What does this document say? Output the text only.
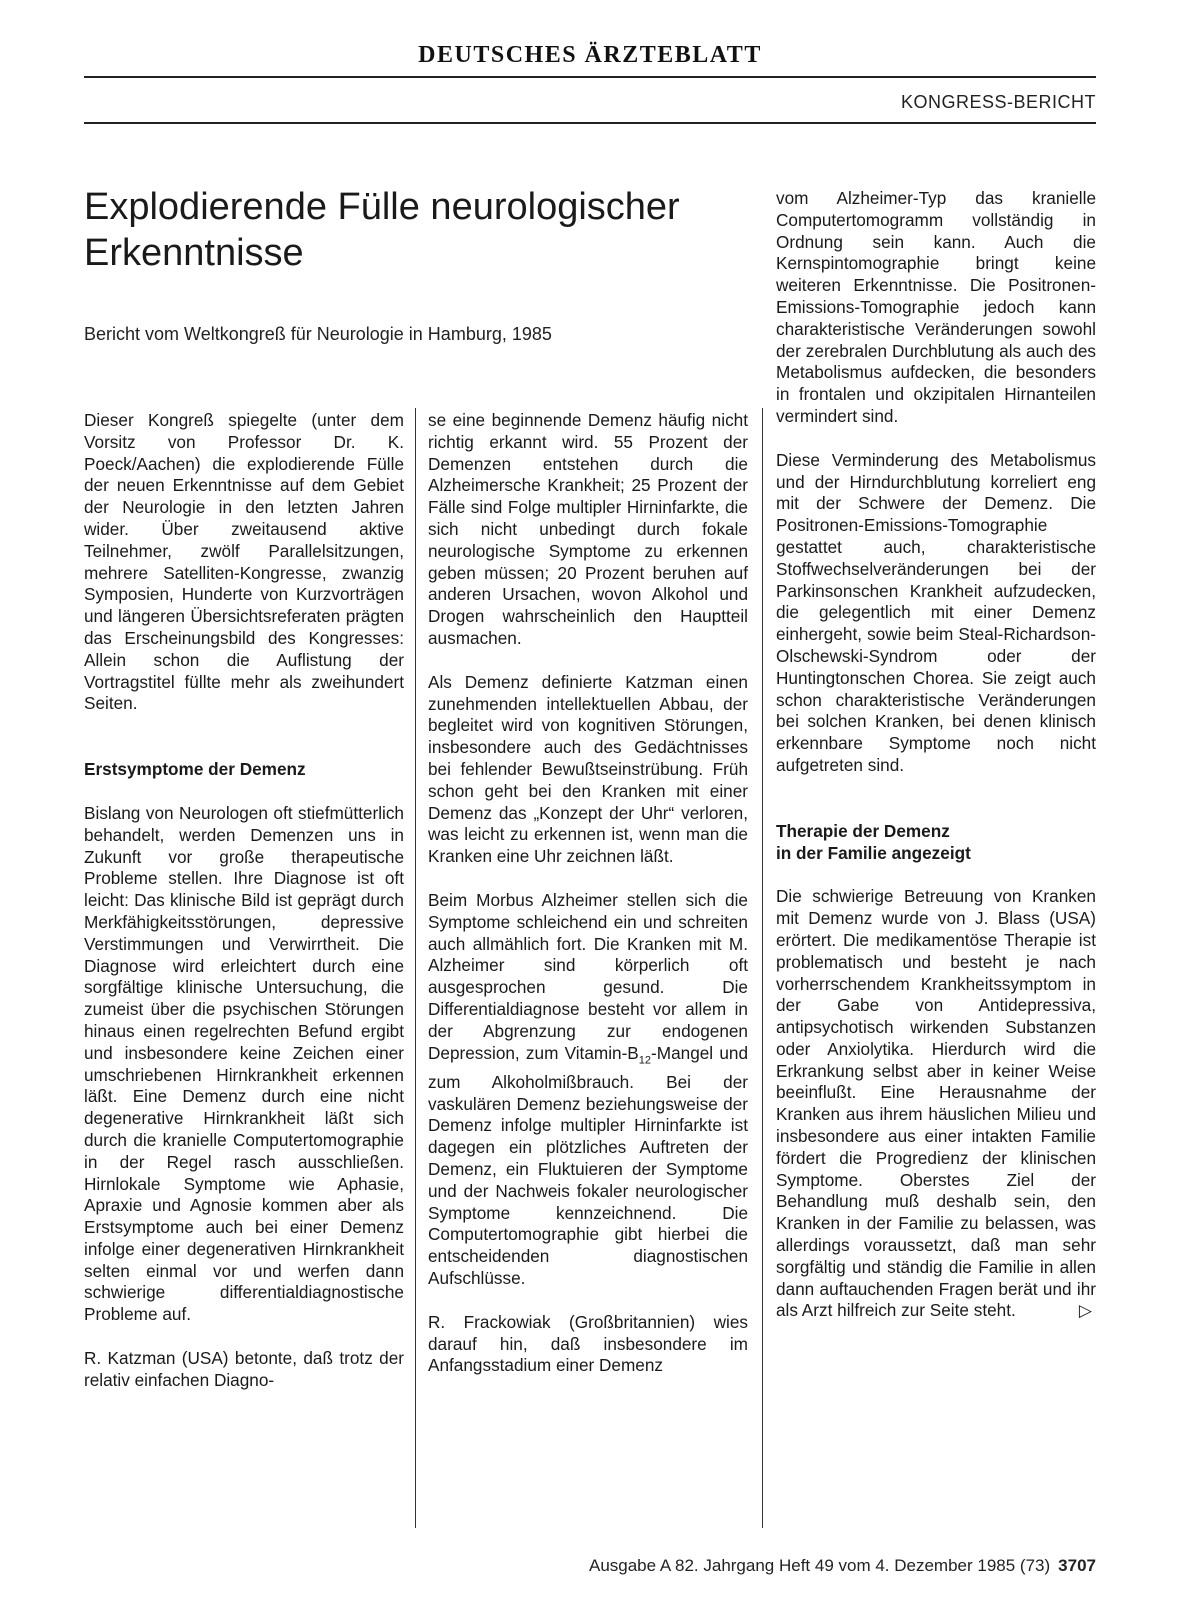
DEUTSCHES ÄRZTEBLATT
KONGRESS-BERICHT
Explodierende Fülle neurologischer Erkenntnisse
Bericht vom Weltkongreß für Neurologie in Hamburg, 1985

Dieser Kongreß spiegelte (unter dem Vorsitz von Professor Dr. K. Poeck/Aachen) die explodierende Fülle der neuen Erkenntnisse auf dem Gebiet der Neurologie in den letzten Jahren wider. Über zweitausend aktive Teilnehmer, zwölf Parallelsitzungen, mehrere Satelliten-Kongresse, zwanzig Symposien, Hunderte von Kurzvorträgen und längeren Übersichtsreferaten prägten das Erscheinungsbild des Kongresses: Allein schon die Auflistung der Vortragstitel füllte mehr als zweihundert Seiten.

Erstsymptome der Demenz

Bislang von Neurologen oft stiefmütterlich behandelt, werden Demenzen uns in Zukunft vor große therapeutische Probleme stellen. Ihre Diagnose ist oft leicht: Das klinische Bild ist geprägt durch Merkfähigkeitsstörungen, depressive Verstimmungen und Verwirrtheit. Die Diagnose wird erleichtert durch eine sorgfältige klinische Untersuchung, die zumeist über die psychischen Störungen hinaus einen regelrechten Befund ergibt und insbesondere keine Zeichen einer umschriebenen Hirnkrankheit erkennen läßt. Eine Demenz durch eine nicht degenerative Hirnkrankheit läßt sich durch die kranielle Computertomographie in der Regel rasch ausschließen. Hirnlokale Symptome wie Aphasie, Apraxie und Agnosie kommen aber als Erstsymptome auch bei einer Demenz infolge einer degenerativen Hirnkrankheit selten einmal vor und werfen dann schwierige differentialdiagnostische Probleme auf.

R. Katzman (USA) betonte, daß trotz der relativ einfachen Diagno-

se eine beginnende Demenz häufig nicht richtig erkannt wird. 55 Prozent der Demenzen entstehen durch die Alzheimersche Krankheit; 25 Prozent der Fälle sind Folge multipler Hirninfarkte, die sich nicht unbedingt durch fokale neurologische Symptome zu erkennen geben müssen; 20 Prozent beruhen auf anderen Ursachen, wovon Alkohol und Drogen wahrscheinlich den Hauptteil ausmachen.

Als Demenz definierte Katzman einen zunehmenden intellektuellen Abbau, der begleitet wird von kognitiven Störungen, insbesondere auch des Gedächtnisses bei fehlender Bewußtseinstrübung. Früh schon geht bei den Kranken mit einer Demenz das „Konzept der Uhr“ verloren, was leicht zu erkennen ist, wenn man die Kranken eine Uhr zeichnen läßt.

Beim Morbus Alzheimer stellen sich die Symptome schleichend ein und schreiten auch allmählich fort. Die Kranken mit M. Alzheimer sind körperlich oft ausgesprochen gesund. Die Differentialdiagnose besteht vor allem in der Abgrenzung zur endogenen Depression, zum Vitamin-$B_{12}$-Mangel und zum Alkoholmißbrauch. Bei der vaskulären Demenz beziehungsweise der Demenz infolge multipler Hirninfarkte ist dagegen ein plötzliches Auftreten der Demenz, ein Fluktuieren der Symptome und der Nachweis fokaler neurologischer Symptome kennzeichnend. Die Computertomographie gibt hierbei die entscheidenden diagnostischen Aufschlüsse.

R. Frackowiak (Großbritannien) wies darauf hin, daß insbesondere im Anfangsstadium einer Demenz

vom Alzheimer-Typ das kranielle Computertomogramm vollständig in Ordnung sein kann. Auch die Kernspintomographie bringt keine weiteren Erkenntnisse. Die Positronen-Emissions-Tomographie jedoch kann charakteristische Veränderungen sowohl der zerebralen Durchblutung als auch des Metabolismus aufdecken, die besonders in frontalen und okzipitalen Hirnanteilen vermindert sind.

Diese Verminderung des Metabolismus und der Hirndurchblutung korreliert eng mit der Schwere der Demenz. Die Positronen-Emissions-Tomographie gestattet auch, charakteristische Stoffwechselveränderungen bei der Parkinsonschen Krankheit aufzudecken, die gelegentlich mit einer Demenz einhergeht, sowie beim Steal-Richardson-Olschewski-Syndrom oder der Huntingtonschen Chorea. Sie zeigt auch schon charakteristische Veränderungen bei solchen Kranken, bei denen klinisch erkennbare Symptome noch nicht aufgetreten sind.

Therapie der Demenz
in der Familie angezeigt

Die schwierige Betreuung von Kranken mit Demenz wurde von J. Blass (USA) erörtert. Die medikamentöse Therapie ist problematisch und besteht je nach vorherrschendem Krankheitssymptom in der Gabe von Antidepressiva, antipsychotisch wirkenden Substanzen oder Anxiolytika. Hierdurch wird die Erkrankung selbst aber in keiner Weise beeinflußt. Eine Herausnahme der Kranken aus ihrem häuslichen Milieu und insbesondere aus einer intakten Familie fördert die Progredienz der klinischen Symptome. Oberstes Ziel der Behandlung muß deshalb sein, den Kranken in der Familie zu belassen, was allerdings voraussetzt, daß man sehr sorgfältig und ständig die Familie in allen dann auftauchenden Fragen berät und ihr als Arzt hilfreich zur Seite steht.	▷

Ausgabe A 82. Jahrgang Heft 49 vom 4. Dezember 1985 (73) 3707
